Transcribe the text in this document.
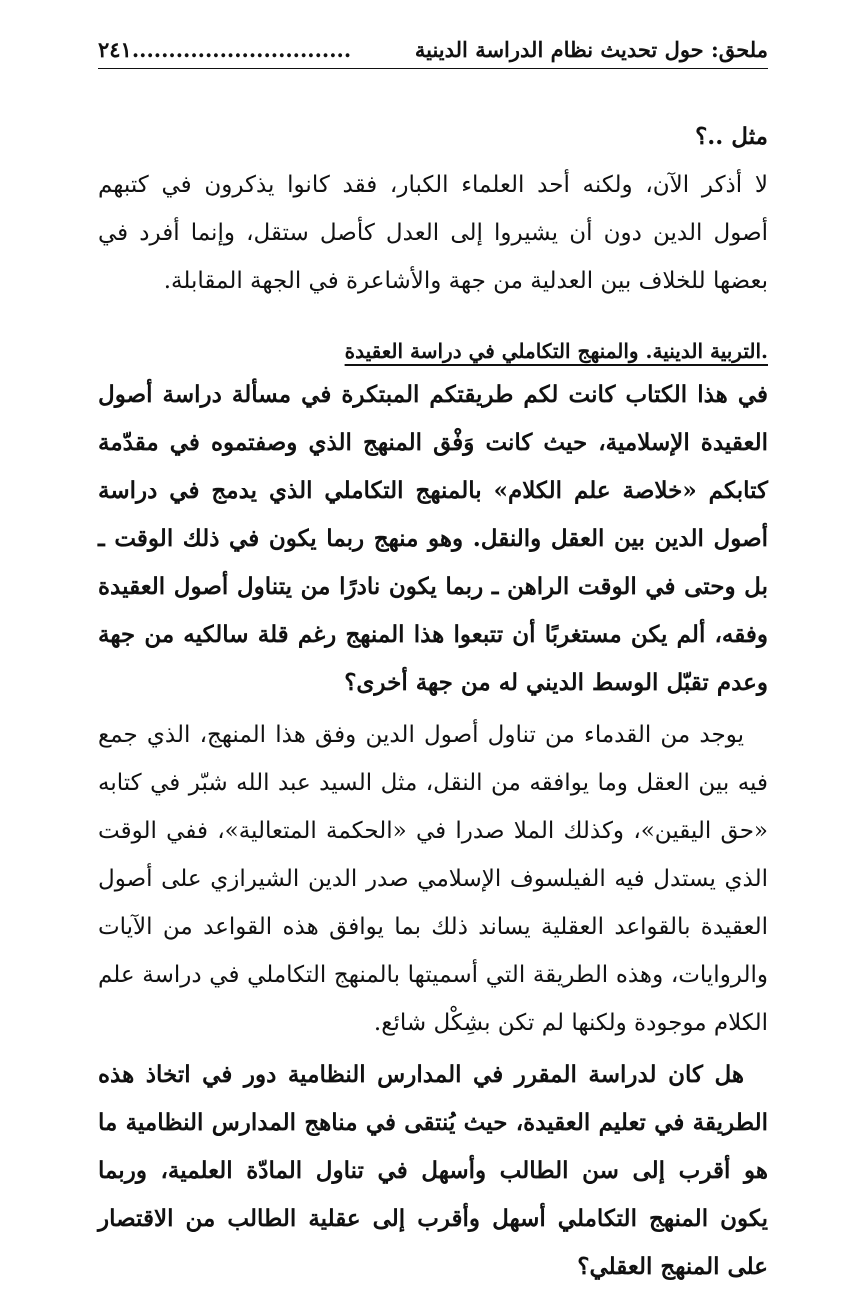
ملحق: حول تحديث نظام الدراسة الدينية
..............................٢٤١

مثل ..؟

لا أذكر الآن، ولكنه أحد العلماء الكبار، فقد كانوا يذكرون في كتبهم أصول الدين دون أن يشيروا إلى العدل كأصل ستقل، وإنما أفرد في بعضها للخلاف بين العدلية من جهة والأشاعرة في الجهة المقابلة.

.التربية الدينية. والمنهج التكاملي في دراسة العقيدة

في هذا الكتاب كانت لكم طريقتكم المبتكرة في مسألة دراسة أصول العقيدة الإسلامية، حيث كانت وَفْق المنهج الذي وصفتموه في مقدّمة كتابكم «خلاصة علم الكلام» بالمنهج التكاملي الذي يدمج في دراسة أصول الدين بين العقل والنقل. وهو منهج ربما يكون في ذلك الوقت ـ بل وحتى في الوقت الراهن ـ ربما يكون نادرًا من يتناول أصول العقيدة وفقه، ألم يكن مستغربًا أن تتبعوا هذا المنهج رغم قلة سالكيه من جهة وعدم تقبّل الوسط الديني له من جهة أخرى؟

يوجد من القدماء من تناول أصول الدين وفق هذا المنهج، الذي جمع فيه بين العقل وما يوافقه من النقل، مثل السيد عبد الله شبّر في كتابه «حق اليقين»، وكذلك الملا صدرا في «الحكمة المتعالية»، ففي الوقت الذي يستدل فيه الفيلسوف الإسلامي صدر الدين الشيرازي على أصول العقيدة بالقواعد العقلية يساند ذلك بما يوافق هذه القواعد من الآيات والروايات، وهذه الطريقة التي أسميتها بالمنهج التكاملي في دراسة علم الكلام موجودة ولكنها لم تكن بشِكْل شائع.

هل كان لدراسة المقرر في المدارس النظامية دور في اتخاذ هذه الطريقة في تعليم العقيدة، حيث يُنتقى في مناهج المدارس النظامية ما هو أقرب إلى سن الطالب وأسهل في تناول المادّة العلمية، وربما يكون المنهج التكاملي أسهل وأقرب إلى عقلية الطالب من الاقتصار على المنهج العقلي؟
